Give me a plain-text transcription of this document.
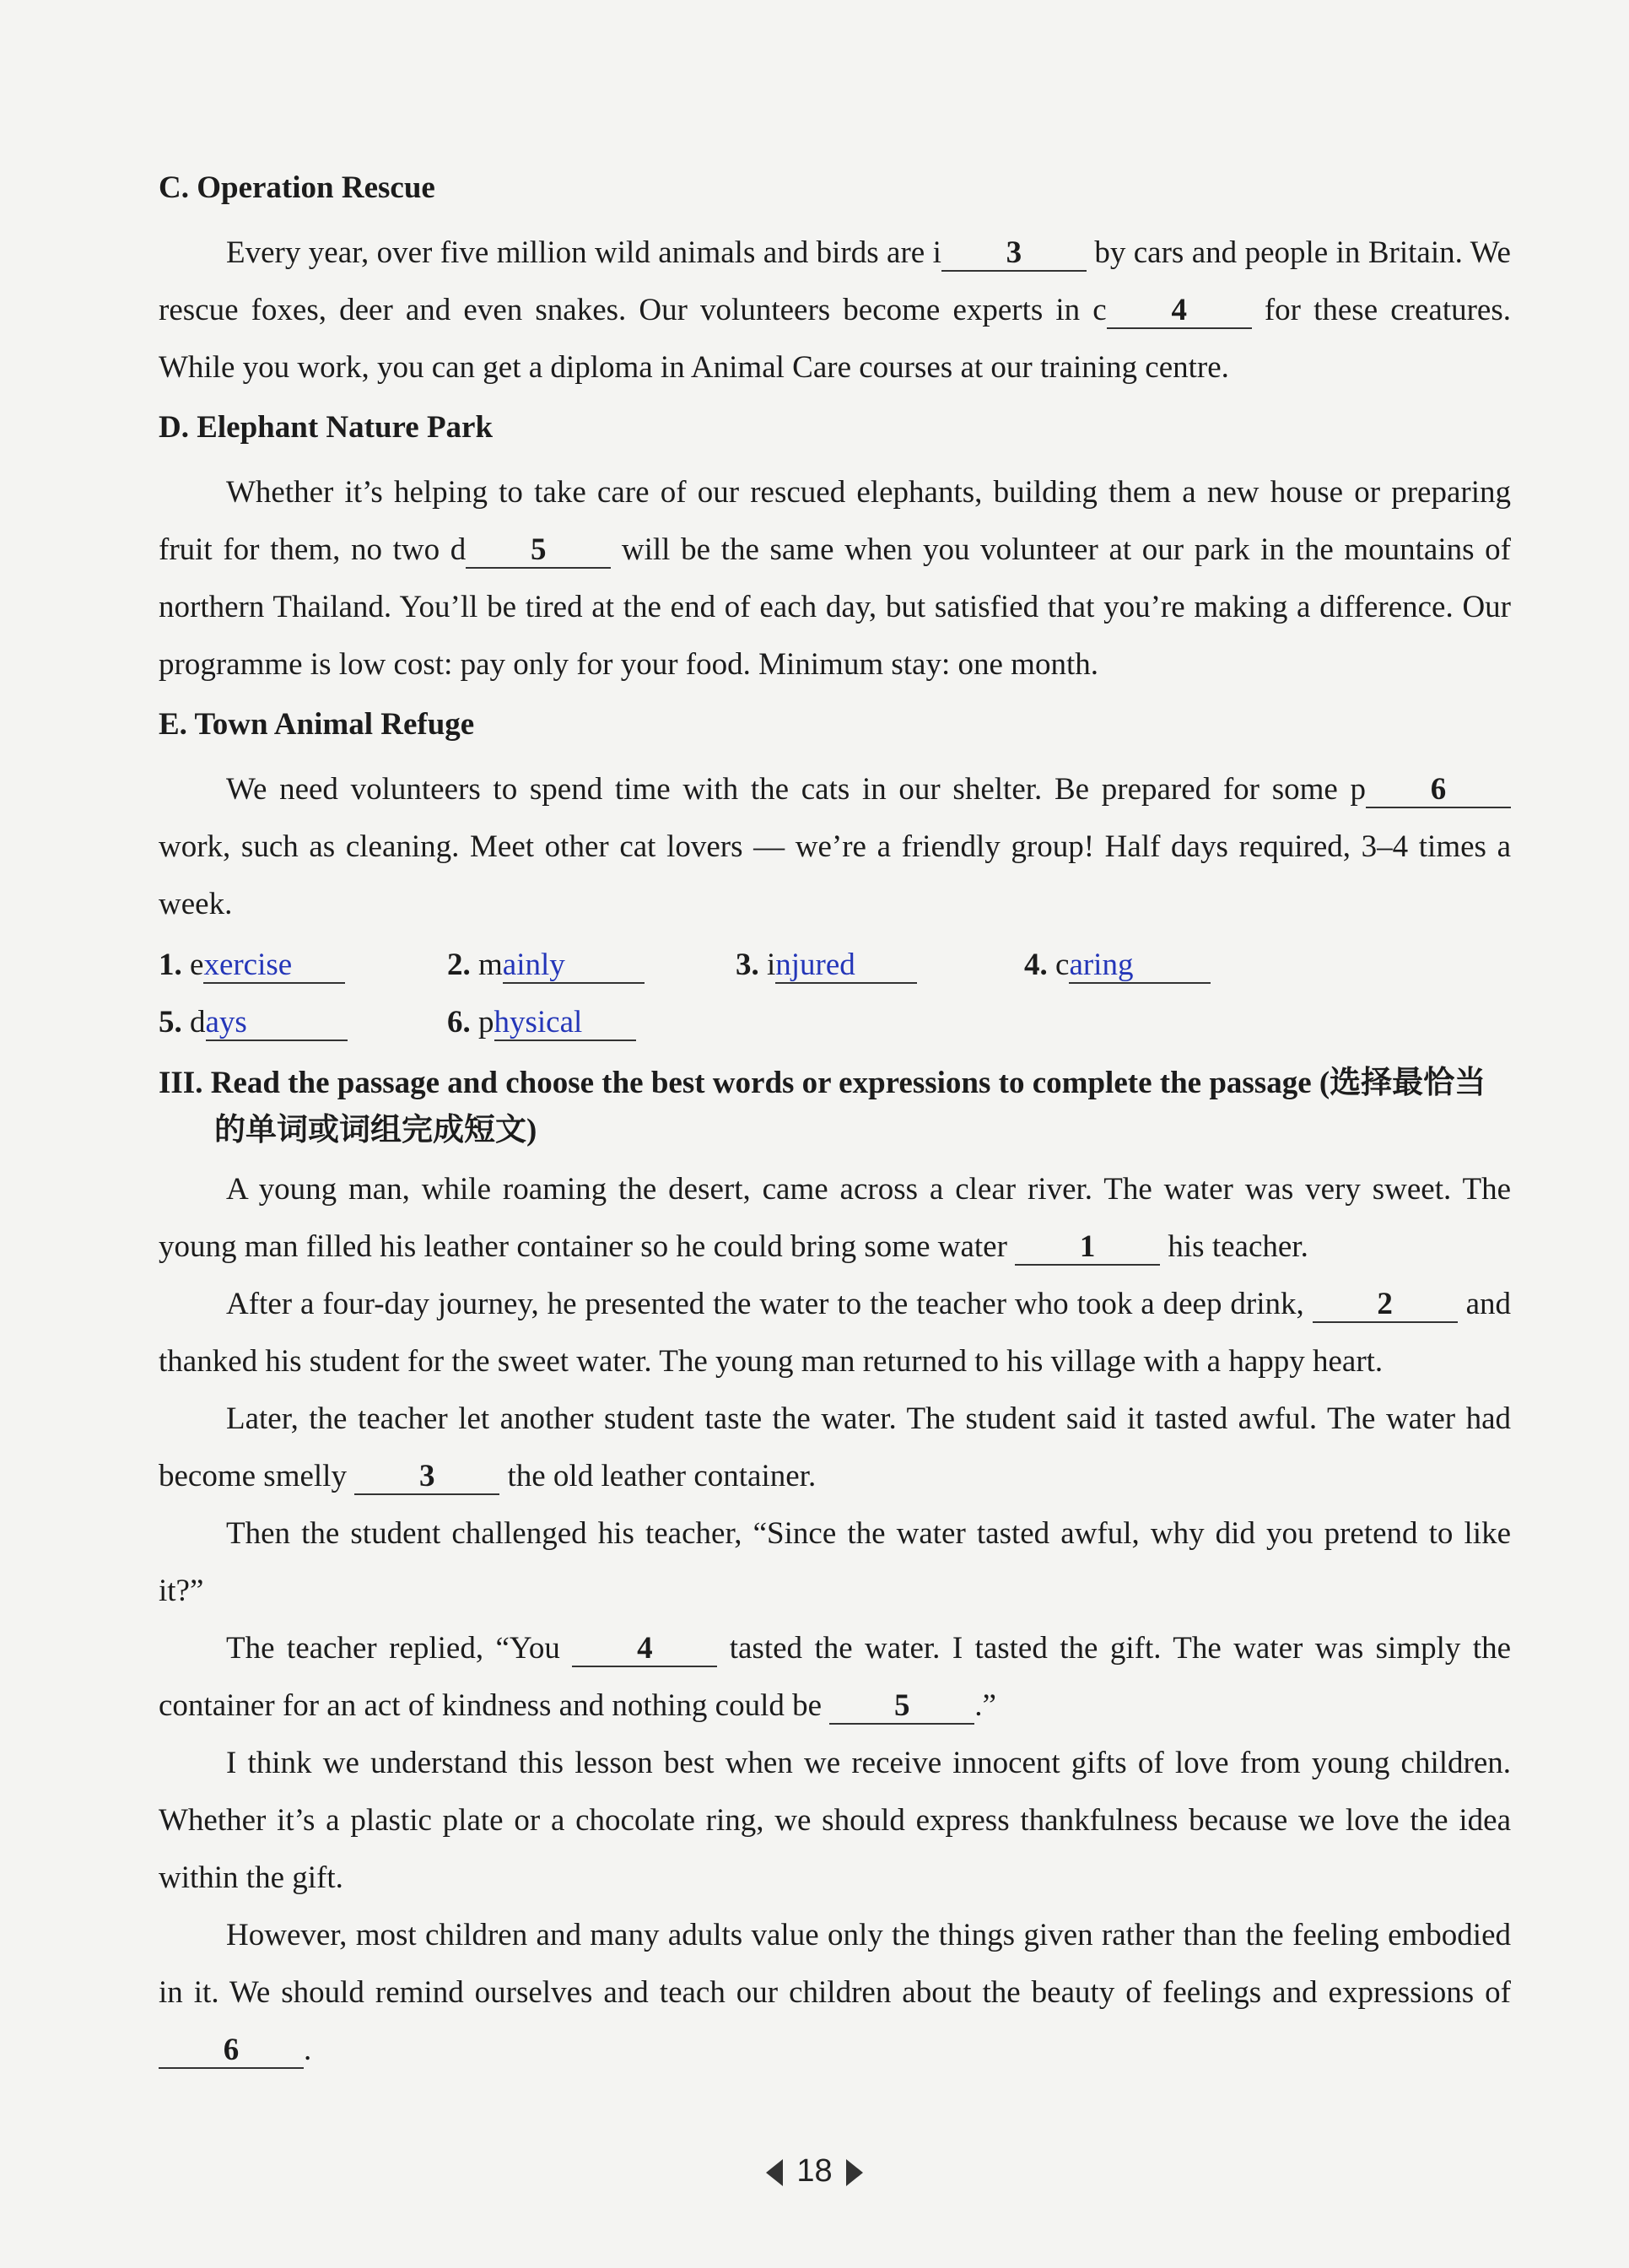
C. Operation Rescue

Every year, over five million wild animals and birds are i 3 by cars and people in Britain. We rescue foxes, deer and even snakes. Our volunteers become experts in c 4 for these creatures. While you work, you can get a diploma in Animal Care courses at our training centre.

D. Elephant Nature Park

Whether it’s helping to take care of our rescued elephants, building them a new house or preparing fruit for them, no two d 5 will be the same when you volunteer at our park in the mountains of northern Thailand. You’ll be tired at the end of each day, but satisfied that you’re making a difference. Our programme is low cost: pay only for your food. Minimum stay: one month.

E. Town Animal Refuge

We need volunteers to spend time with the cats in our shelter. Be prepared for some p 6 work, such as cleaning. Meet other cat lovers — we’re a friendly group! Half days required, 3–4 times a week.

1. exercise	2. mainly	3. injured	4. caring
5. days	6. physical
III. Read the passage and choose the best words or expressions to complete the passage (选择最恰当的单词或词组完成短文)

A young man, while roaming the desert, came across a clear river. The water was very sweet. The young man filled his leather container so he could bring some water 1 his teacher.

After a four-day journey, he presented the water to the teacher who took a deep drink, 2 and thanked his student for the sweet water. The young man returned to his village with a happy heart.

Later, the teacher let another student taste the water. The student said it tasted awful. The water had become smelly 3 the old leather container.

Then the student challenged his teacher, “Since the water tasted awful, why did you pretend to like it?”

The teacher replied, “You 4 tasted the water. I tasted the gift. The water was simply the container for an act of kindness and nothing could be 5 .”

I think we understand this lesson best when we receive innocent gifts of love from young children. Whether it’s a plastic plate or a chocolate ring, we should express thankfulness because we love the idea within the gift.

However, most children and many adults value only the things given rather than the feeling embodied in it. We should remind ourselves and teach our children about the beauty of feelings and expressions of 6 .

18
